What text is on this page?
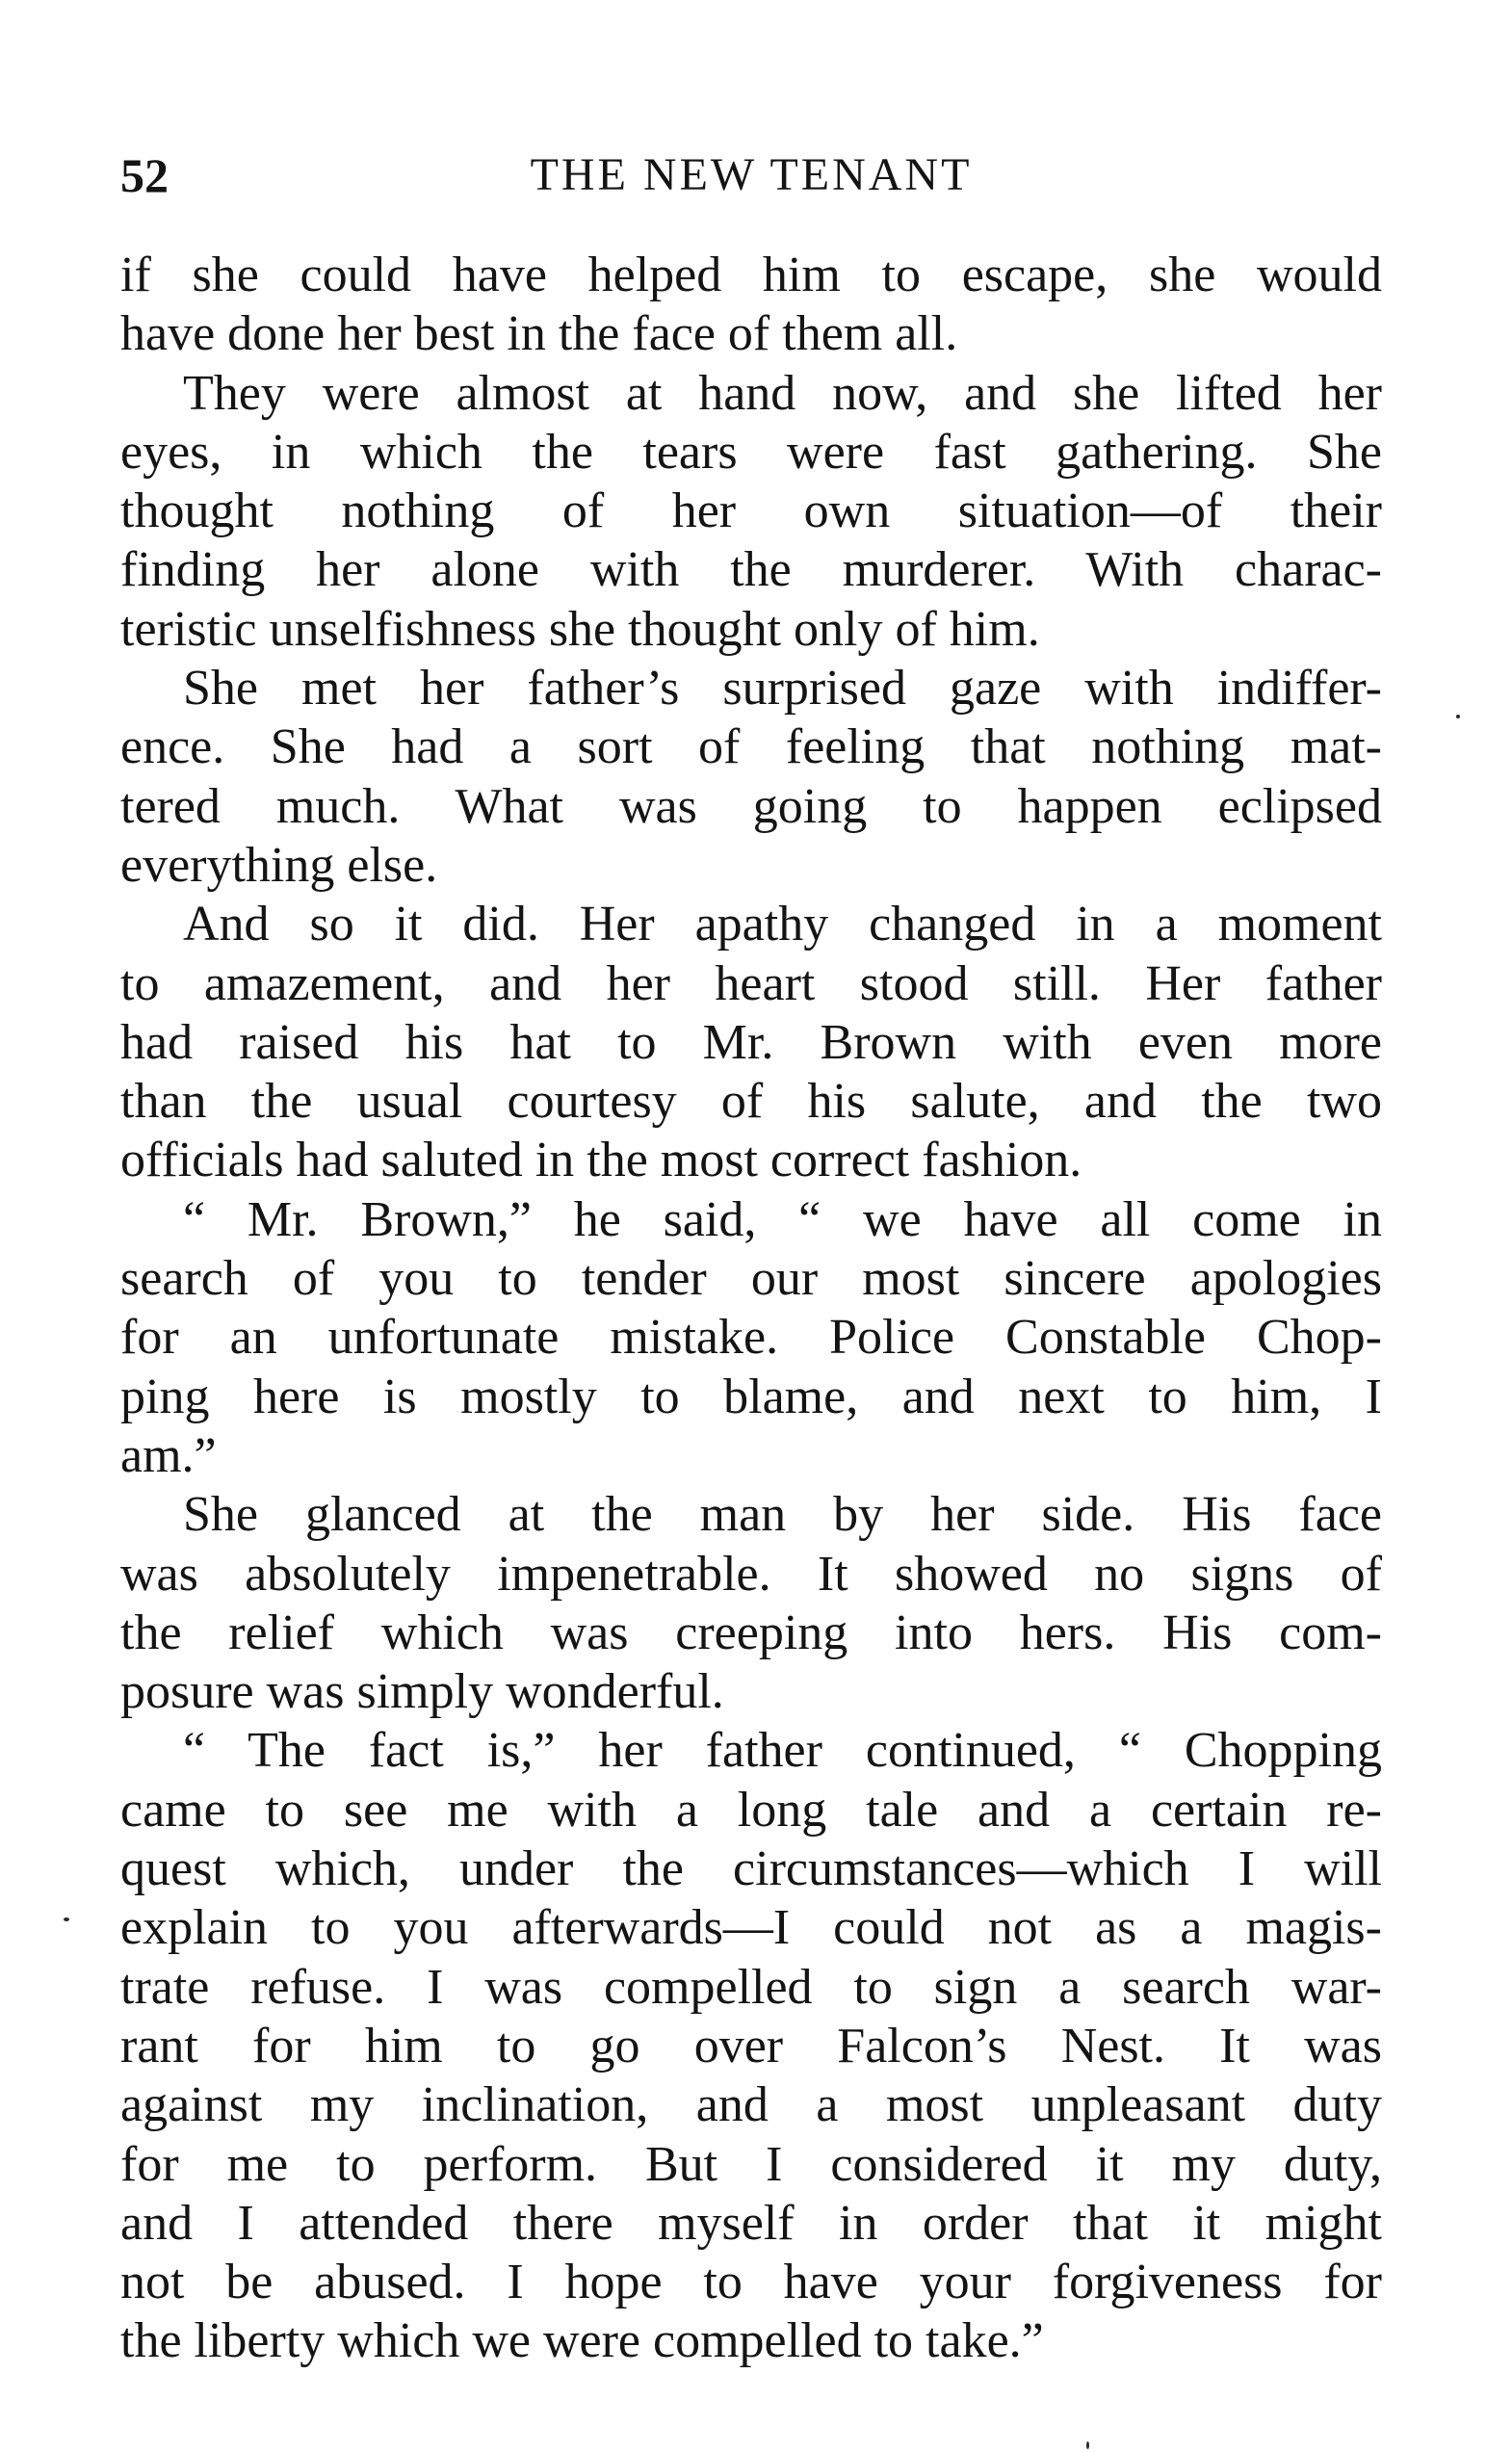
52	THE NEW TENANT
if she could have helped him to escape, she would
have done her best in the face of them all.
They were almost at hand now, and she lifted her
eyes, in which the tears were fast gathering. She
thought nothing of her own situation—of their
finding her alone with the murderer. With charac-
teristic unselfishness she thought only of him.
She met her father’s surprised gaze with indiffer-
ence. She had a sort of feeling that nothing mat-
tered much. What was going to happen eclipsed
everything else.
And so it did. Her apathy changed in a moment
to amazement, and her heart stood still. Her father
had raised his hat to Mr. Brown with even more
than the usual courtesy of his salute, and the two
officials had saluted in the most correct fashion.
“ Mr. Brown,” he said, “ we have all come in
search of you to tender our most sincere apologies
for an unfortunate mistake. Police Constable Chop-
ping here is mostly to blame, and next to him, I
am.”
She glanced at the man by her side. His face
was absolutely impenetrable. It showed no signs of
the relief which was creeping into hers. His com-
posure was simply wonderful.
“ The fact is,” her father continued, “ Chopping
came to see me with a long tale and a certain re-
quest which, under the circumstances—which I will
explain to you afterwards—I could not as a magis-
trate refuse. I was compelled to sign a search war-
rant for him to go over Falcon’s Nest. It was
against my inclination, and a most unpleasant duty
for me to perform. But I considered it my duty,
and I attended there myself in order that it might
not be abused. I hope to have your forgiveness for
the liberty which we were compelled to take.”
